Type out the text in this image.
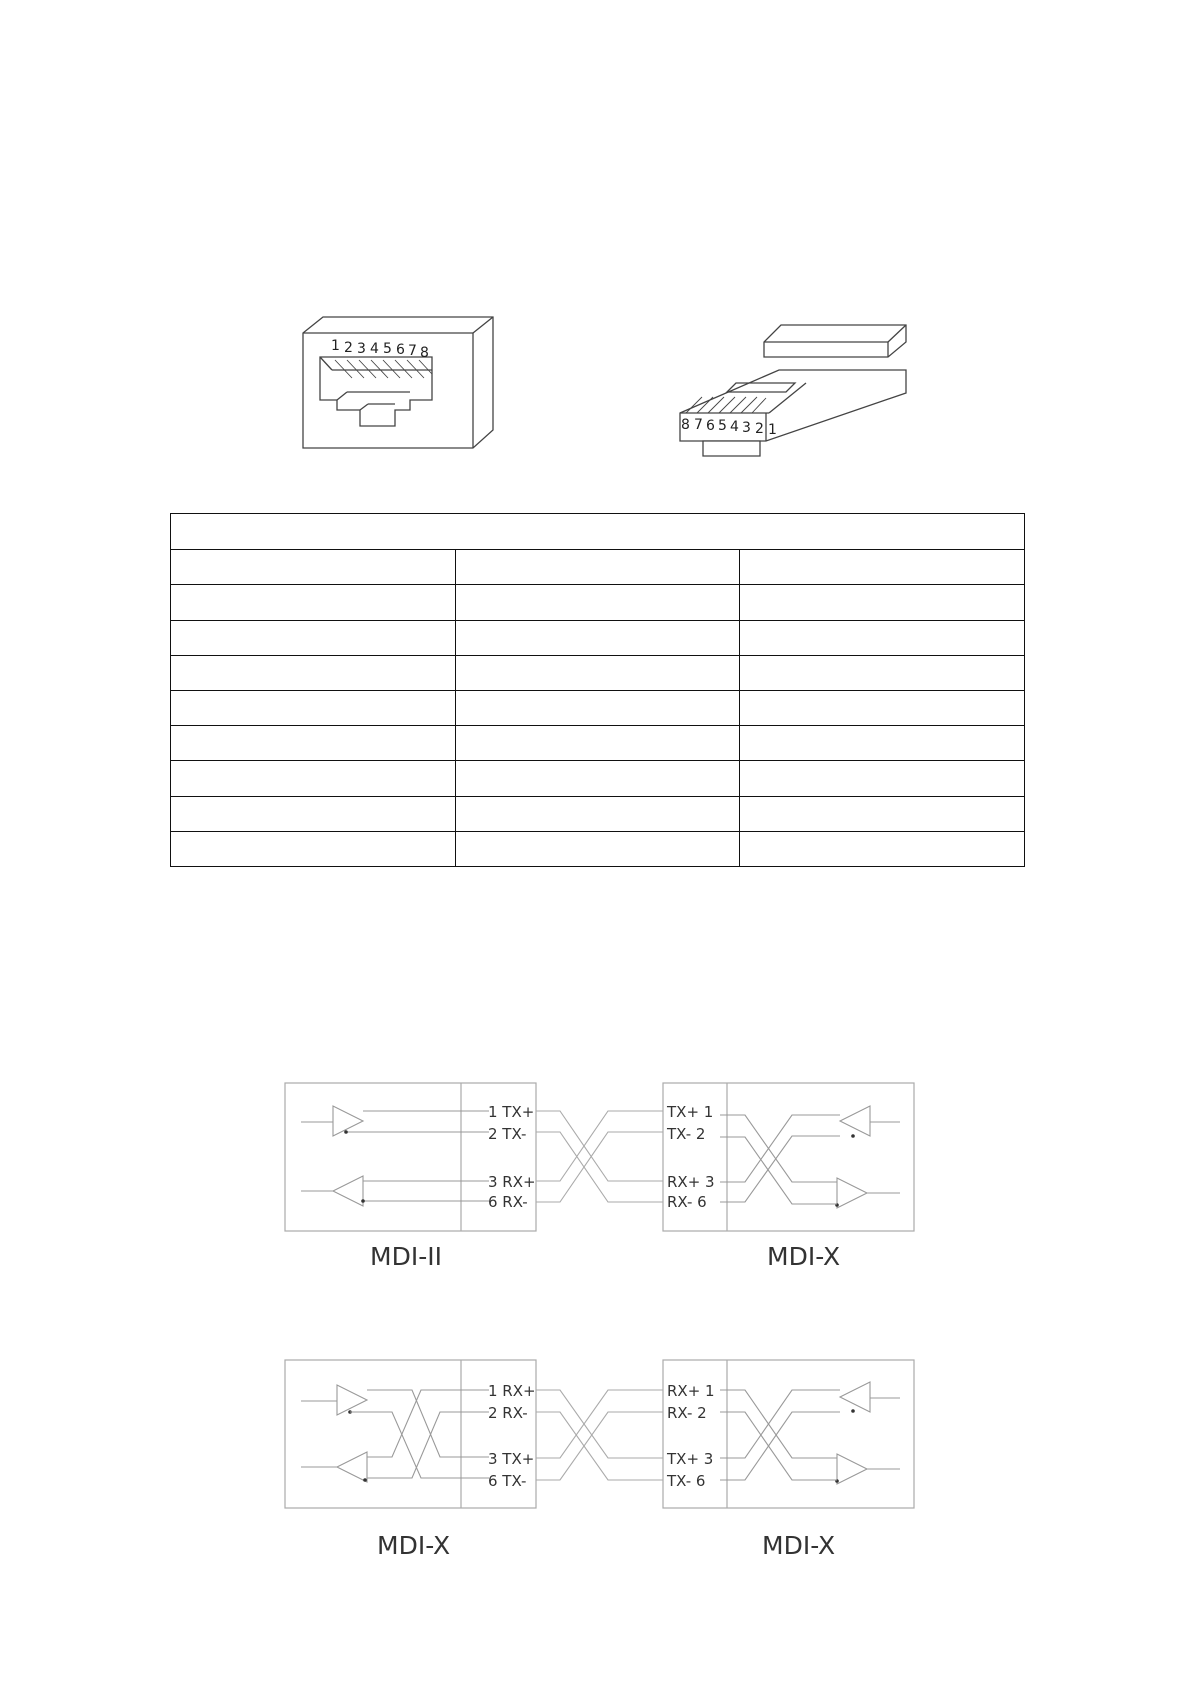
1 2 3 4 5 6 7 8
8 7 6 5 4 3 2 1

1 TX+
2 TX-
3 RX+
6 RX-
TX+ 1
TX- 2
RX+ 3
RX- 6
MDI-II	MDI-X
1 RX+
2 RX-
3 TX+
6 TX-
RX+ 1
RX- 2
TX+ 3
TX- 6
MDI-X	MDI-X
